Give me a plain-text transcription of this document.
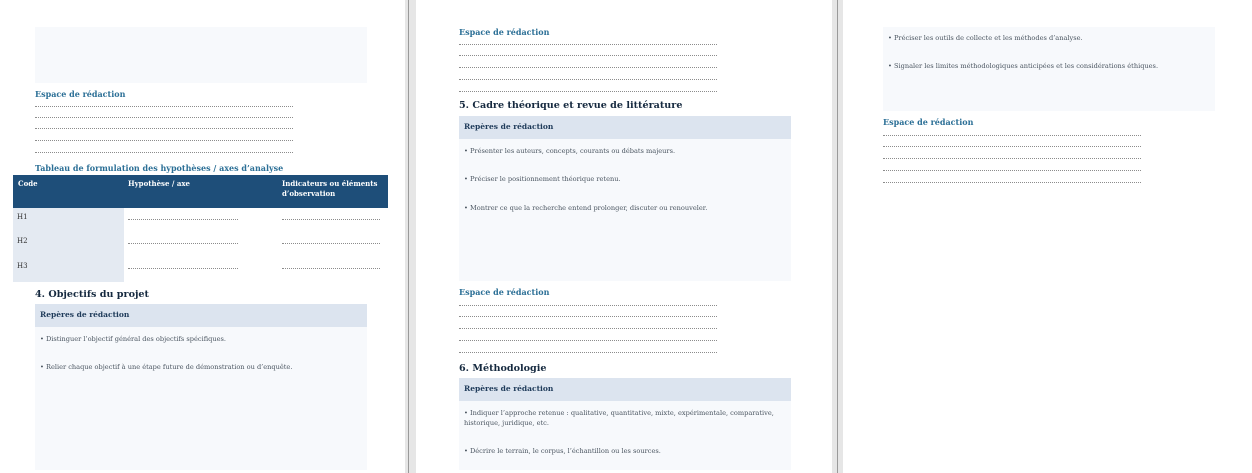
Espace de rédaction
Tableau de formulation des hypothèses / axes d’analyse
Code	Hypothèse / axe	Indicateurs ou éléments d’observation
H1
H2
H3
4. Objectifs du projet
Repères de rédaction
• Distinguer l’objectif général des objectifs spécifiques.
• Relier chaque objectif à une étape future de démonstration ou d’enquête.
Espace de rédaction
5. Cadre théorique et revue de littérature
Repères de rédaction
• Présenter les auteurs, concepts, courants ou débats majeurs.
• Préciser le positionnement théorique retenu.
• Montrer ce que la recherche entend prolonger, discuter ou renouveler.
Espace de rédaction
6. Méthodologie
Repères de rédaction
• Indiquer l’approche retenue : qualitative, quantitative, mixte, expérimentale, comparative, historique, juridique, etc.
• Décrire le terrain, le corpus, l’échantillon ou les sources.
• Préciser les outils de collecte et les méthodes d’analyse.
• Signaler les limites méthodologiques anticipées et les considérations éthiques.
Espace de rédaction
